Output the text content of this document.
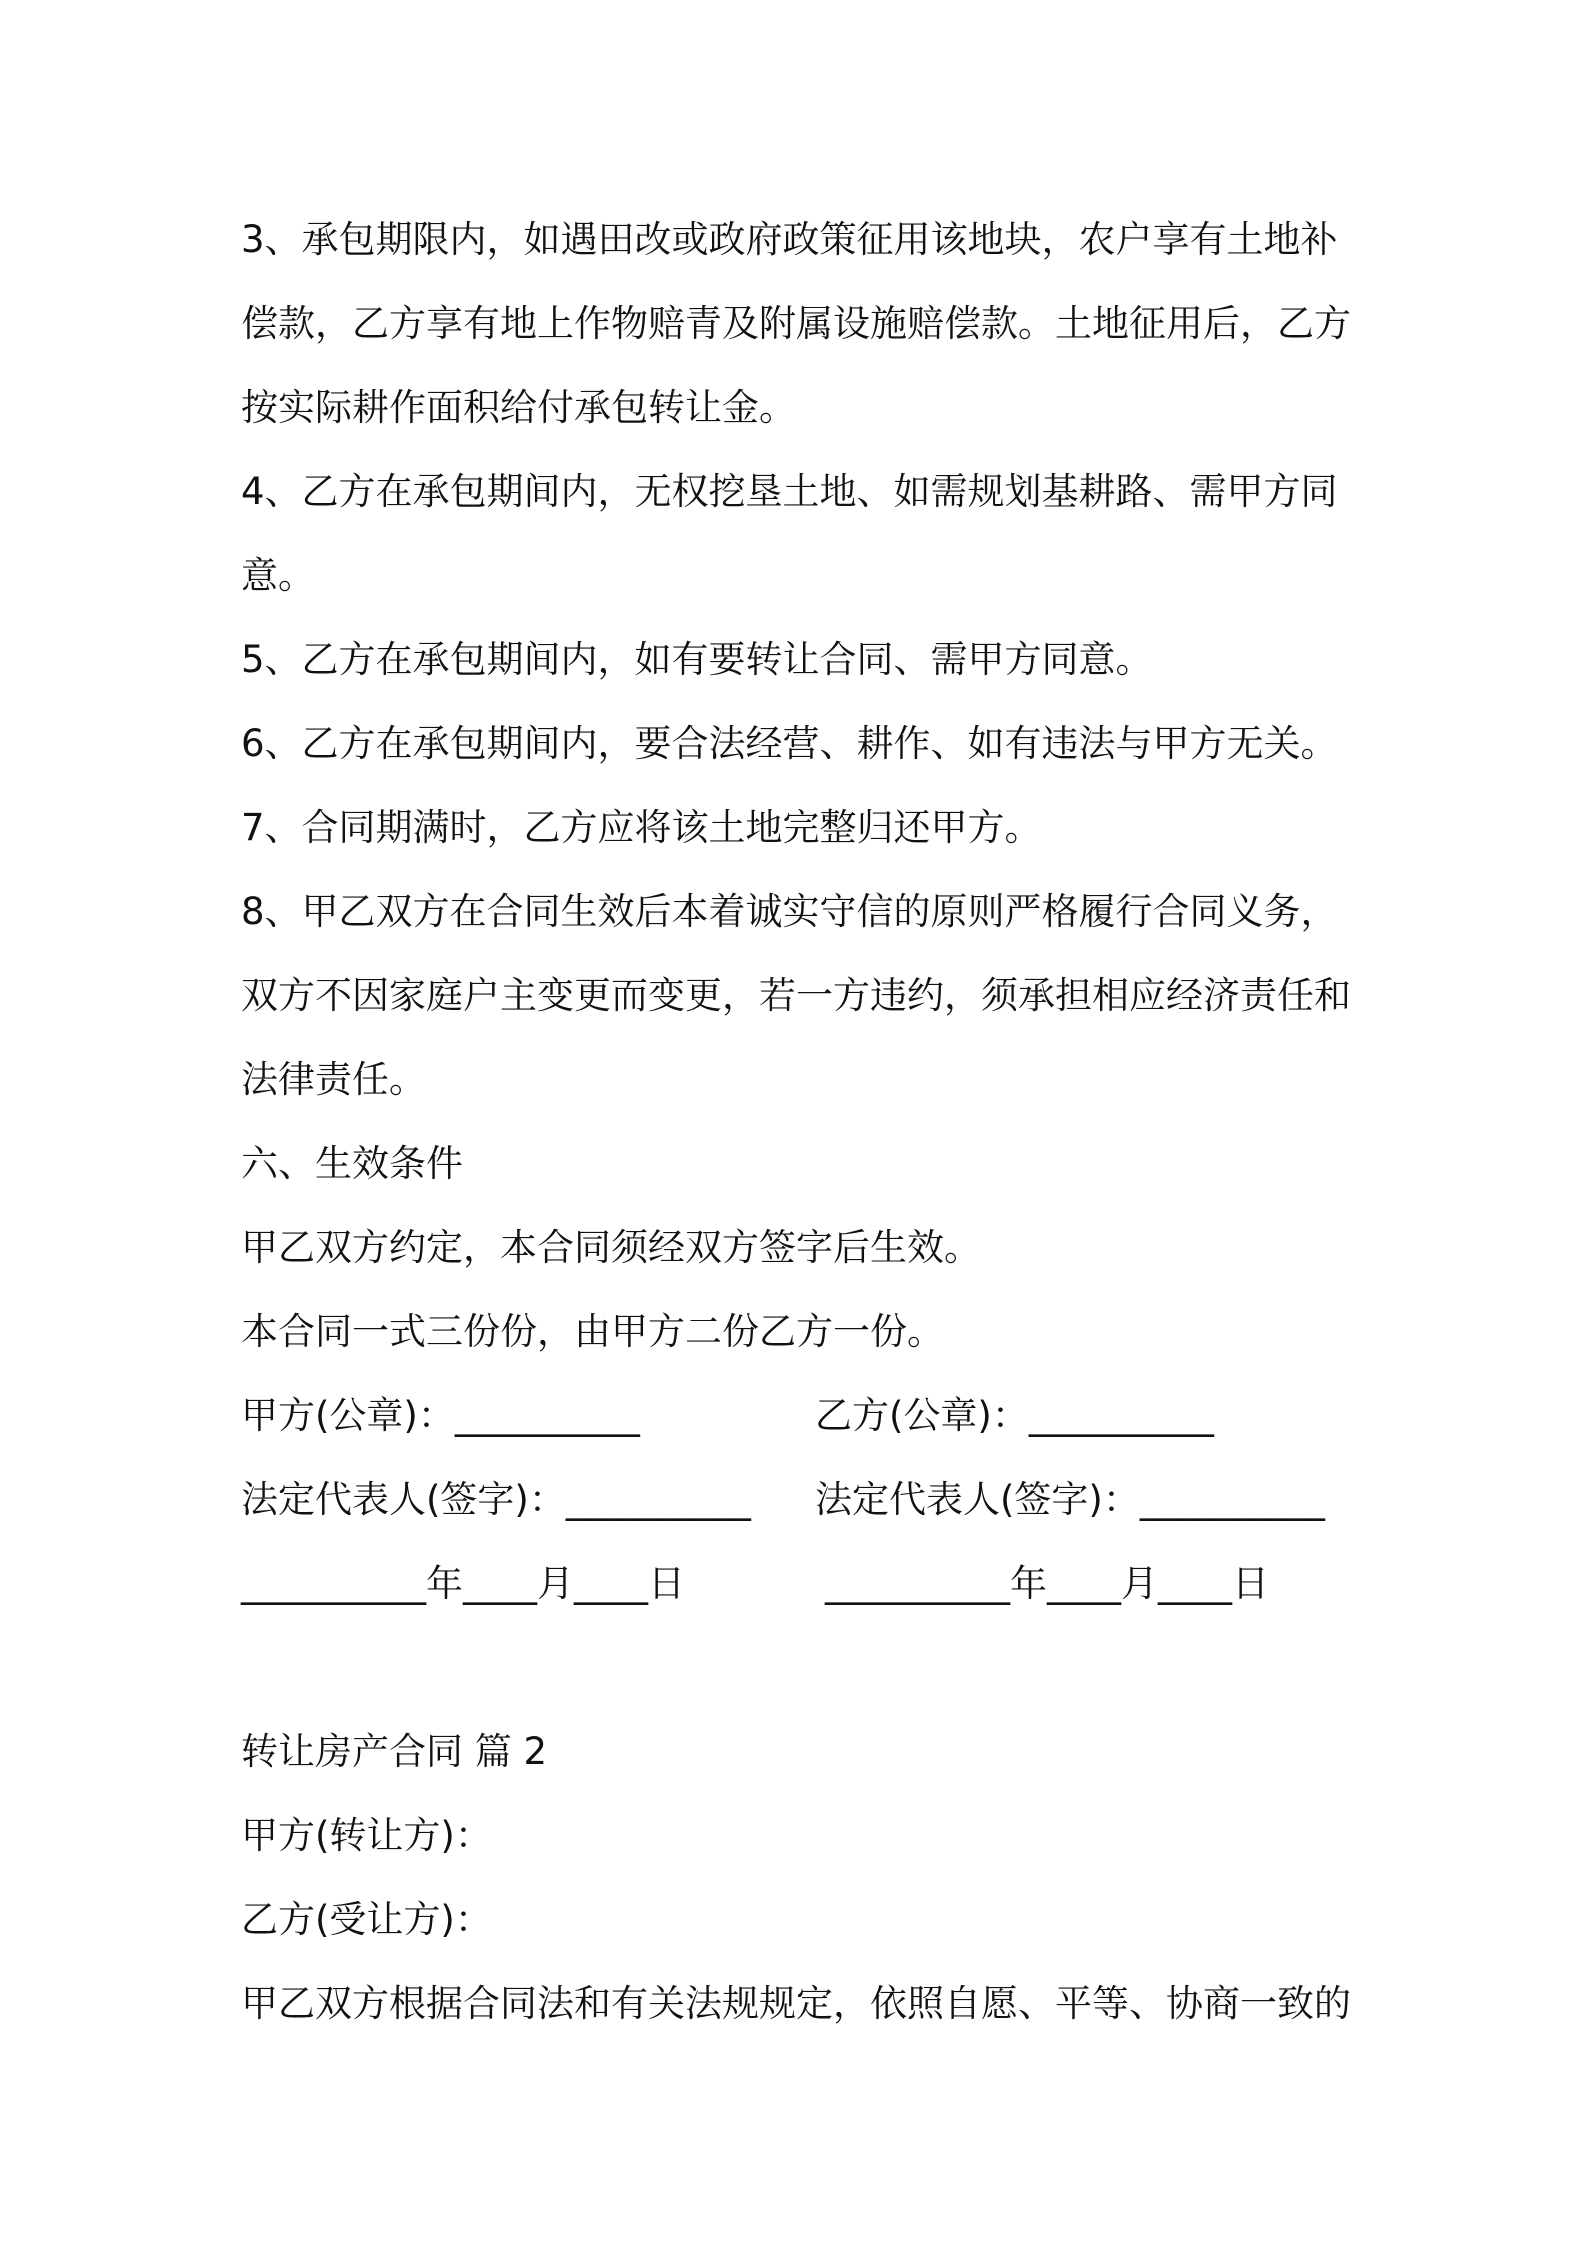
3、承包期限内，如遇田改或政府政策征用该地块，农户享有土地补
偿款，乙方享有地上作物赔青及附属设施赔偿款。土地征用后，乙方
按实际耕作面积给付承包转让金。
4、乙方在承包期间内，无权挖垦土地、如需规划基耕路、需甲方同
意。
5、乙方在承包期间内，如有要转让合同、需甲方同意。
6、乙方在承包期间内，要合法经营、耕作、如有违法与甲方无关。
7、合同期满时，乙方应将该土地完整归还甲方。
8、甲乙双方在合同生效后本着诚实守信的原则严格履行合同义务，
双方不因家庭户主变更而变更，若一方违约，须承担相应经济责任和
法律责任。
六、生效条件
甲乙双方约定，本合同须经双方签字后生效。
本合同一式三份份，由甲方二份乙方一份。
甲方(公章)：__________	乙方(公章)：__________
法定代表人(签字)：__________ 法定代表人(签字)：__________
__________年____月____日	__________年____月____日
转让房产合同 篇 2
甲方(转让方)：
乙方(受让方)：
甲乙双方根据合同法和有关法规规定，依照自愿、平等、协商一致的
